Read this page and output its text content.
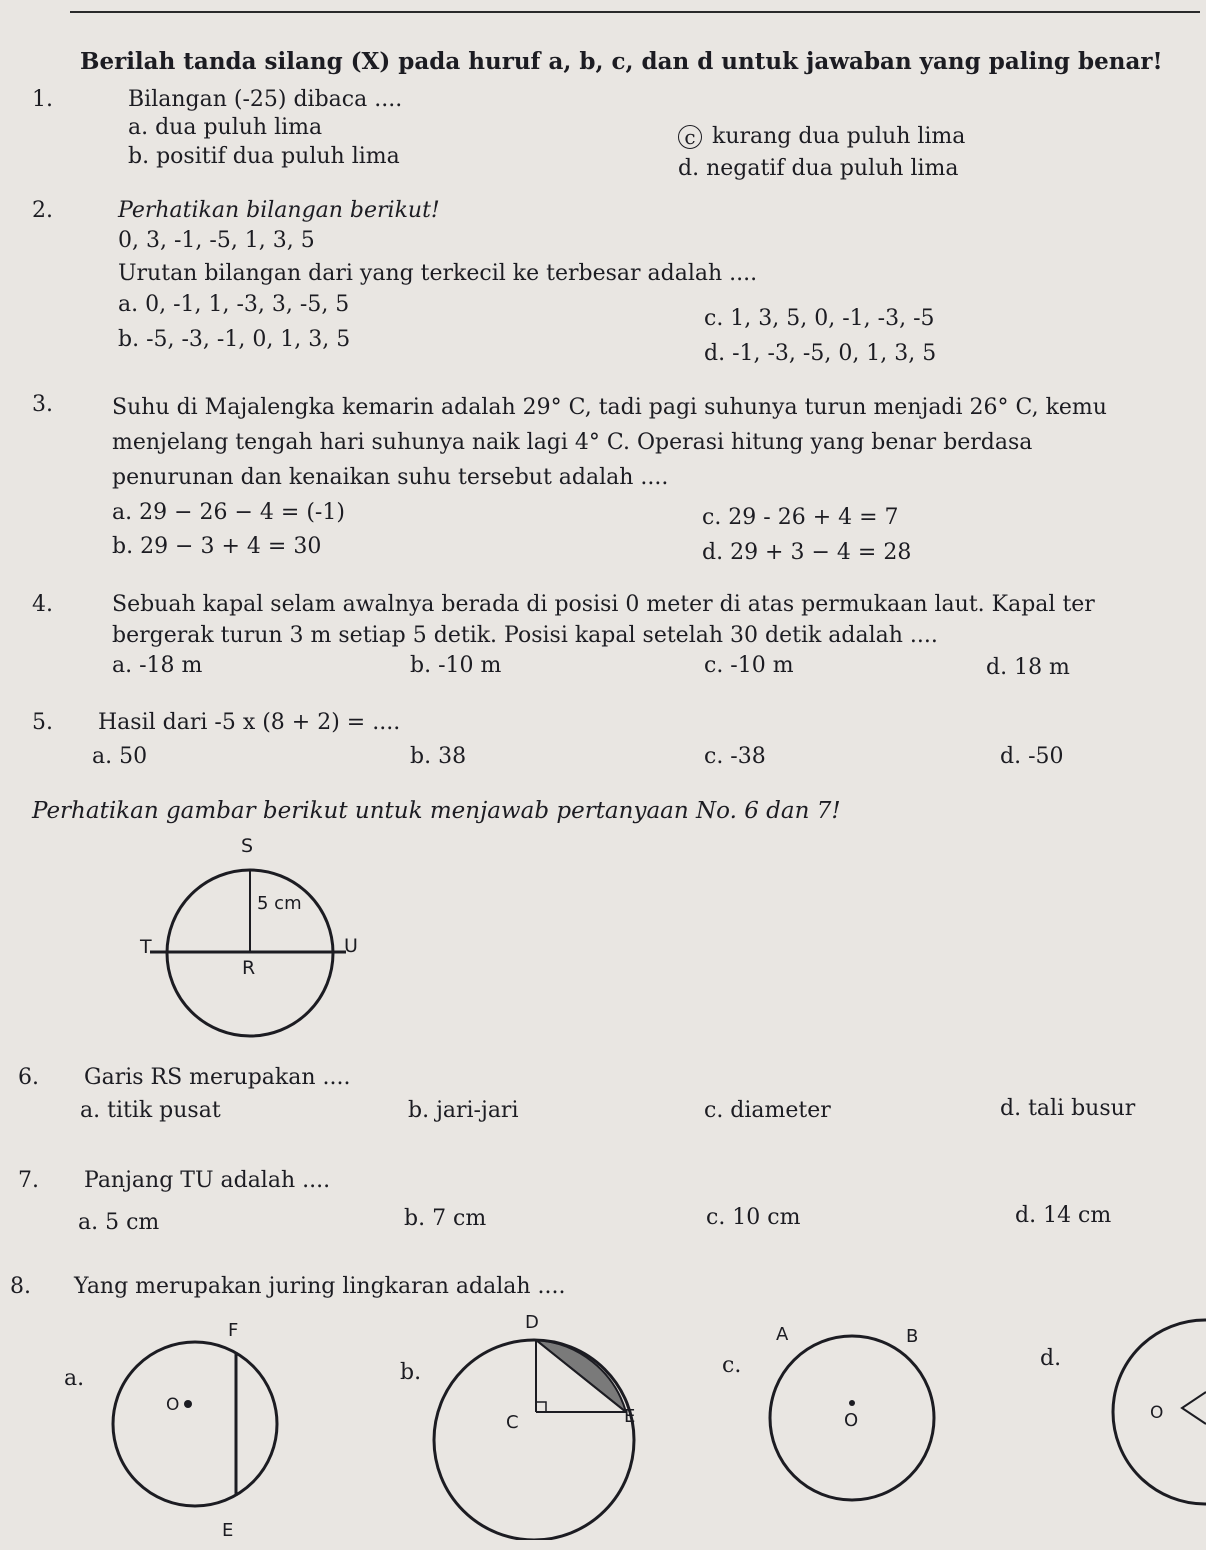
Berilah tanda silang (X) pada huruf a, b, c, dan d untuk jawaban yang paling benar!
1.	Bilangan (-25) dibaca ....
a. dua puluh lima
b. positif dua puluh lima
c kurang dua puluh lima
d. negatif dua puluh lima
2.	Perhatikan bilangan berikut!
0, 3, -1, -5, 1, 3, 5
Urutan bilangan dari yang terkecil ke terbesar adalah ....
a. 0, -1, 1, -3, 3, -5, 5
b. -5, -3, -1, 0, 1, 3, 5
c. 1, 3, 5, 0, -1, -3, -5
d. -1, -3, -5, 0, 1, 3, 5
3.	Suhu di Majalengka kemarin adalah 29° C, tadi pagi suhunya turun menjadi 26° C, kemu
menjelang tengah hari suhunya naik lagi 4° C. Operasi hitung yang benar berdasa
penurunan dan kenaikan suhu tersebut adalah ....
a. 29 − 26 − 4 = (-1)
b. 29 − 3 + 4 = 30
c. 29 - 26 + 4 = 7
d. 29 + 3 − 4 = 28
4.	Sebuah kapal selam awalnya berada di posisi 0 meter di atas permukaan laut. Kapal ter
bergerak turun 3 m setiap 5 detik. Posisi kapal setelah 30 detik adalah ....
a. -18 m	b. -10 m	c. -10 m	d. 18 m
5. Hasil dari -5 x (8 + 2) = ....
a. 50	b. 38	c. -38	d. -50
Perhatikan gambar berikut untuk menjawab pertanyaan No. 6 dan 7!
S
T	U
R
5 cm
6. Garis RS merupakan ....
a. titik pusat	b. jari-jari	c. diameter	d. tali busur
7. Panjang TU adalah ....
a. 5 cm	b. 7 cm	c. 10 cm	d. 14 cm
8. Yang merupakan juring lingkaran adalah ....
a.	b.	c.	d.
F
E
O
D
C	E
A	B
O	O
